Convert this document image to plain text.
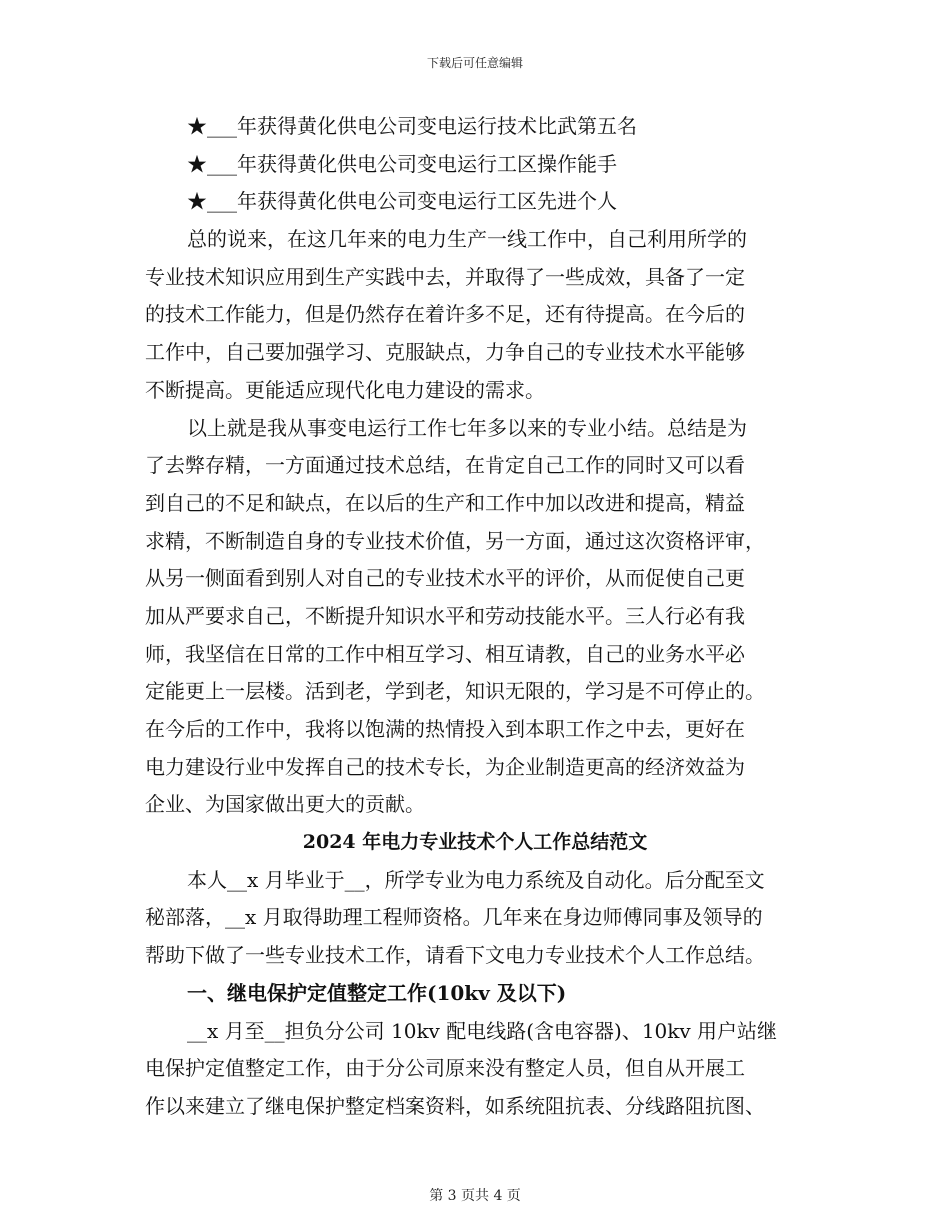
下载后可任意编辑
★___年获得黄化供电公司变电运行技术比武第五名
★___年获得黄化供电公司变电运行工区操作能手
★___年获得黄化供电公司变电运行工区先进个人
总的说来，在这几年来的电力生产一线工作中，自己利用所学的
专业技术知识应用到生产实践中去，并取得了一些成效，具备了一定
的技术工作能力，但是仍然存在着许多不足，还有待提高。在今后的
工作中，自己要加强学习、克服缺点，力争自己的专业技术水平能够
不断提高。更能适应现代化电力建设的需求。
以上就是我从事变电运行工作七年多以来的专业小结。总结是为
了去弊存精，一方面通过技术总结，在肯定自己工作的同时又可以看
到自己的不足和缺点，在以后的生产和工作中加以改进和提高，精益
求精，不断制造自身的专业技术价值，另一方面，通过这次资格评审，
从另一侧面看到别人对自己的专业技术水平的评价，从而促使自己更
加从严要求自己，不断提升知识水平和劳动技能水平。三人行必有我
师，我坚信在日常的工作中相互学习、相互请教，自己的业务水平必
定能更上一层楼。活到老，学到老，知识无限的，学习是不可停止的。
在今后的工作中，我将以饱满的热情投入到本职工作之中去，更好在
电力建设行业中发挥自己的技术专长，为企业制造更高的经济效益为
企业、为国家做出更大的贡献。
2024 年电力专业技术个人工作总结范文
本人__x 月毕业于__，所学专业为电力系统及自动化。后分配至文
秘部落，__x 月取得助理工程师资格。几年来在身边师傅同事及领导的
帮助下做了一些专业技术工作，请看下文电力专业技术个人工作总结。
一、继电保护定值整定工作(10kv 及以下)
__x 月至__担负分公司 10kv 配电线路(含电容器)、10kv 用户站继
电保护定值整定工作，由于分公司原来没有整定人员，但自从开展工
作以来建立了继电保护整定档案资料，如系统阻抗表、分线路阻抗图、
第 3 页共 4 页
